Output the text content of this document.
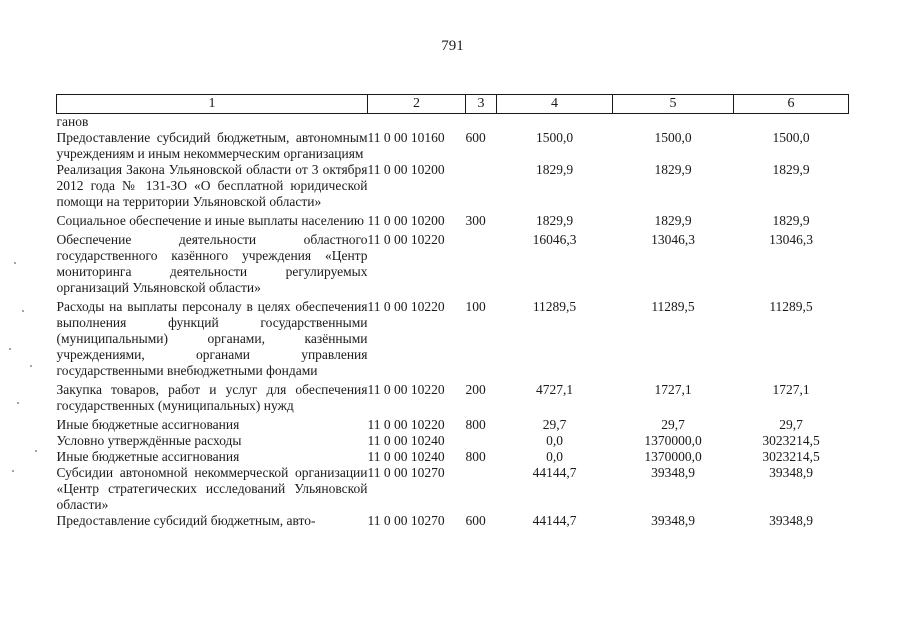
791
1	2	3	4	5	6
ганов					
Предоставление субсидий бюджетным, автономным учреждениям и иным некоммерческим организациям	11 0 00 10160	600	1500,0	1500,0	1500,0
Реализация Закона Ульяновской области от 3 октября 2012 года № 131-ЗО «О бесплатной юридической помощи на территории Ульяновской области»	11 0 00 10200		1829,9	1829,9	1829,9
Социальное обеспечение и иные выплаты населению	11 0 00 10200	300	1829,9	1829,9	1829,9
Обеспечение деятельности областного государственного казённого учреждения «Центр мониторинга деятельности регулируемых организаций Ульяновской области»	11 0 00 10220		16046,3	13046,3	13046,3
Расходы на выплаты персоналу в целях обеспечения выполнения функций государственными (муниципальными) органами, казёнными учреждениями, органами управления государственными внебюджетными фондами	11 0 00 10220	100	11289,5	11289,5	11289,5
Закупка товаров, работ и услуг для обеспечения государственных (муниципальных) нужд	11 0 00 10220	200	4727,1	1727,1	1727,1
Иные бюджетные ассигнования	11 0 00 10220	800	29,7	29,7	29,7
Условно утверждённые расходы	11 0 00 10240		0,0	1370000,0	3023214,5
Иные бюджетные ассигнования	11 0 00 10240	800	0,0	1370000,0	3023214,5
Субсидии автономной некоммерческой организации «Центр стратегических исследований Ульяновской области»	11 0 00 10270		44144,7	39348,9	39348,9
Предоставление субсидий бюджетным, авто-	11 0 00 10270	600	44144,7	39348,9	39348,9
